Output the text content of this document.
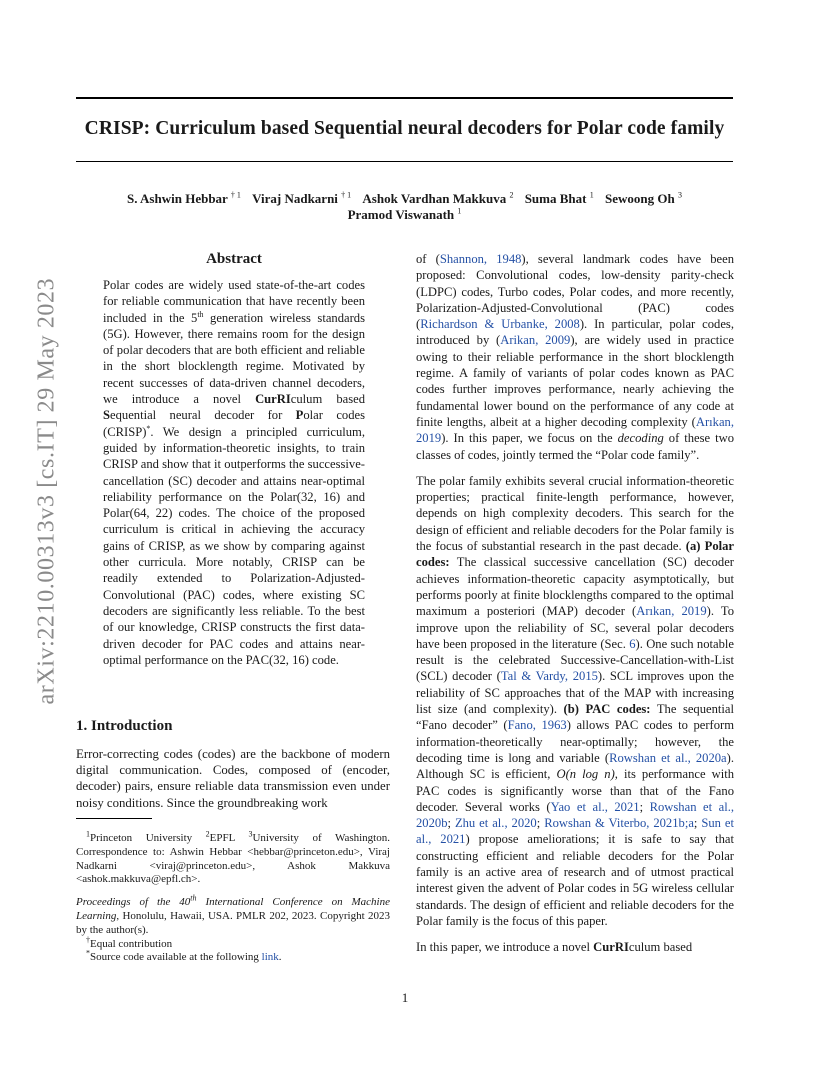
CRISP: Curriculum based Sequential neural decoders for Polar code family
S. Ashwin Hebbar $^{\dagger 1}$ Viraj Nadkarni $^{\dagger 1}$ Ashok Vardhan Makkuva $^2$ Suma Bhat $^1$ Sewoong Oh $^3$
Pramod Viswanath $^1$
arXiv:2210.00313v3 [cs.IT] 29 May 2023
Abstract
Polar codes are widely used state-of-the-art codes for reliable communication that have recently been included in the 5th generation wireless standards (5G). However, there remains room for the design of polar decoders that are both efficient and reliable in the short blocklength regime. Motivated by recent successes of data-driven channel decoders, we introduce a novel CurRIculum based Sequential neural decoder for Polar codes (CRISP)*. We design a principled curriculum, guided by information-theoretic insights, to train CRISP and show that it outperforms the successive-cancellation (SC) decoder and attains near-optimal reliability performance on the Polar(32, 16) and Polar(64, 22) codes. The choice of the proposed curriculum is critical in achieving the accuracy gains of CRISP, as we show by comparing against other curricula. More notably, CRISP can be readily extended to Polarization-Adjusted-Convolutional (PAC) codes, where existing SC decoders are significantly less reliable. To the best of our knowledge, CRISP constructs the first data-driven decoder for PAC codes and attains near-optimal performance on the PAC(32, 16) code.
1. Introduction
Error-correcting codes (codes) are the backbone of modern digital communication. Codes, composed of (encoder, decoder) pairs, ensure reliable data transmission even under noisy conditions. Since the groundbreaking work

$^1$Princeton University $^2$EPFL $^3$University of Washington. Correspondence to: Ashwin Hebbar <hebbar@princeton.edu>, Viraj Nadkarni <viraj@princeton.edu>, Ashok Makkuva <ashok.makkuva@epfl.ch>.

Proceedings of the 40th International Conference on Machine Learning, Honolulu, Hawaii, USA. PMLR 202, 2023. Copyright 2023 by the author(s).

†Equal contribution

*Source code available at the following link.

of (Shannon, 1948), several landmark codes have been proposed: Convolutional codes, low-density parity-check (LDPC) codes, Turbo codes, Polar codes, and more recently, Polarization-Adjusted-Convolutional (PAC) codes (Richardson & Urbanke, 2008). In particular, polar codes, introduced by (Arikan, 2009), are widely used in practice owing to their reliable performance in the short blocklength regime. A family of variants of polar codes known as PAC codes further improves performance, nearly achieving the fundamental lower bound on the performance of any code at finite lengths, albeit at a higher decoding complexity (Arıkan, 2019). In this paper, we focus on the decoding of these two classes of codes, jointly termed the “Polar code family”.

The polar family exhibits several crucial information-theoretic properties; practical finite-length performance, however, depends on high complexity decoders. This search for the design of efficient and reliable decoders for the Polar family is the focus of substantial research in the past decade. (a) Polar codes: The classical successive cancellation (SC) decoder achieves information-theoretic capacity asymptotically, but performs poorly at finite blocklengths compared to the optimal maximum a posteriori (MAP) decoder (Arıkan, 2019). To improve upon the reliability of SC, several polar decoders have been proposed in the literature (Sec. 6). One such notable result is the celebrated Successive-Cancellation-with-List (SCL) decoder (Tal & Vardy, 2015). SCL improves upon the reliability of SC approaches that of the MAP with increasing list size (and complexity). (b) PAC codes: The sequential “Fano decoder” (Fano, 1963) allows PAC codes to perform information-theoretically near-optimally; however, the decoding time is long and variable (Rowshan et al., 2020a). Although SC is efficient, O(n log n), its performance with PAC codes is significantly worse than that of the Fano decoder. Several works (Yao et al., 2021; Rowshan et al., 2020b; Zhu et al., 2020; Rowshan & Viterbo, 2021b;a; Sun et al., 2021) propose ameliorations; it is safe to say that constructing efficient and reliable decoders for the Polar family is an active area of research and of utmost practical interest given the advent of Polar codes in 5G wireless cellular standards. The design of efficient and reliable decoders for the Polar family is the focus of this paper.

In this paper, we introduce a novel CurRIculum based

1
